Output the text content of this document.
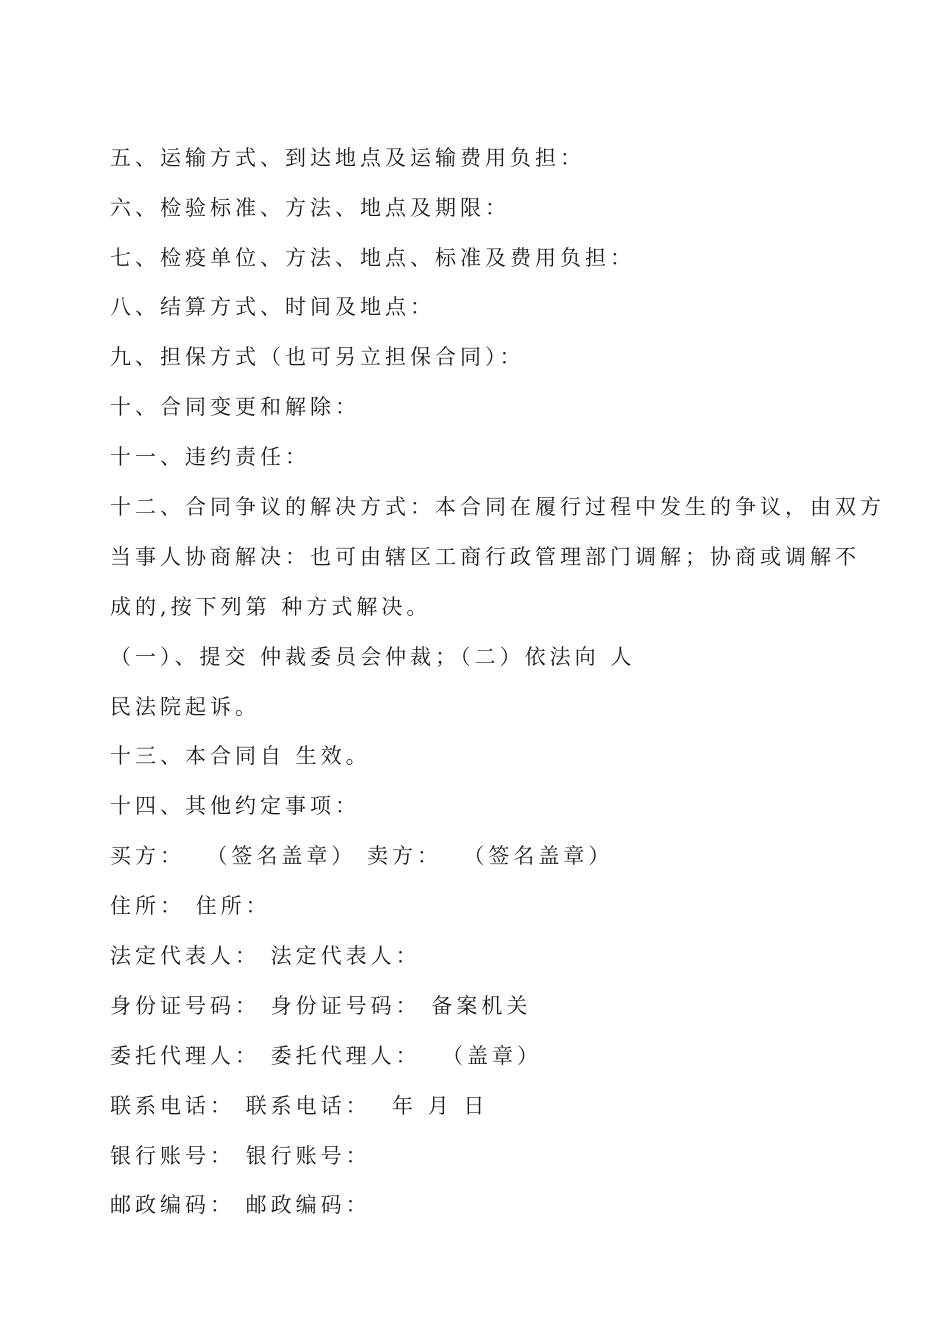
五、运输方式、到达地点及运输费用负担：
六、检验标准、方法、地点及期限：
七、检疫单位、方法、地点、标准及费用负担：
八、结算方式、时间及地点：
九、担保方式（也可另立担保合同）：
十、合同变更和解除：
十一、违约责任：
十二、合同争议的解决方式：本合同在履行过程中发生的争议，由双方
当事人协商解决：也可由辖区工商行政管理部门调解；协商或调解不
成的,按下列第 种方式解决。
（一）、提交 仲裁委员会仲裁；（二）依法向 人
民法院起诉。
十三、本合同自 生效。
十四、其他约定事项：
买方：  （签名盖章） 卖方：  （签名盖章）
住所： 住所：
法定代表人： 法定代表人：
身份证号码： 身份证号码： 备案机关
委托代理人： 委托代理人：  （盖章）
联系电话： 联系电话：  年 月 日
银行账号： 银行账号：
邮政编码： 邮政编码：
